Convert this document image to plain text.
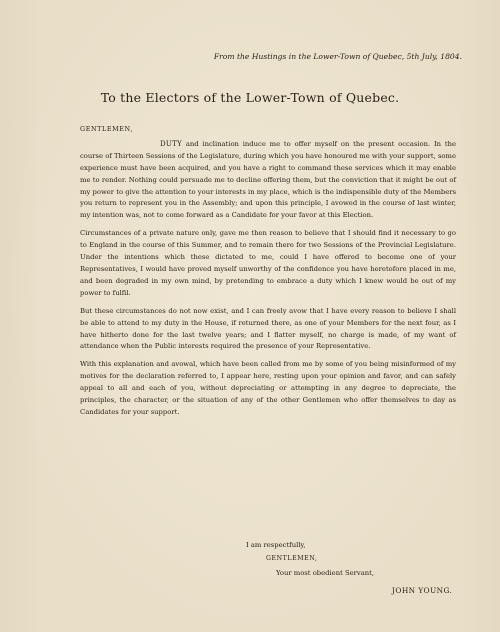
From the Hustings in the Lower-Town of Quebec, 5th July, 1804.
To the Electors of the Lower-Town of Quebec.
GENTLEMEN,

DUTY and inclination induce me to offer myself on the present occasion. In the course of Thirteen Sessions of the Legislature, during which you have honoured me with your support, some experience must have been acquired, and you have a right to command these services which it may enable me to render. Nothing could persuade me to decline offering them, but the conviction that it might be out of my power to give the attention to your interests in my place, which is the indispensible duty of the Members you return to represent you in the Assembly; and upon this principle, I avowed in the course of last winter, my intention was, not to come forward as a Candidate for your favor at this Election.

Circumstances of a private nature only, gave me then reason to believe that I should find it necessary to go to England in the course of this Summer, and to remain there for two Sessions of the Provincial Legislature. Under the intentions which these dictated to me, could I have offered to become one of your Representatives, I would have proved myself unworthy of the confidence you have heretofore placed in me, and been degraded in my own mind, by pretending to embrace a duty which I knew would be out of my power to fulfil.

But these circumstances do not now exist, and I can freely avow that I have every reason to believe I shall be able to attend to my duty in the House, if returned there, as one of your Members for the next four, as I have hitherto done for the last twelve years; and I flatter myself, no charge is made, of my want of attendance when the Public interests required the presence of your Representative.

With this explanation and avowal, which have been called from me by some of you being misinformed of my motives for the declaration referred to, I appear here, resting upon your opinion and favor, and can safely appeal to all and each of you, without depreciating or attempting in any degree to depreciate, the principles, the character, or the situation of any of the other Gentlemen who offer themselves to day as Candidates for your support.

I am respectfully,
GENTLEMEN,
Your most obedient Servant,
JOHN YOUNG.
